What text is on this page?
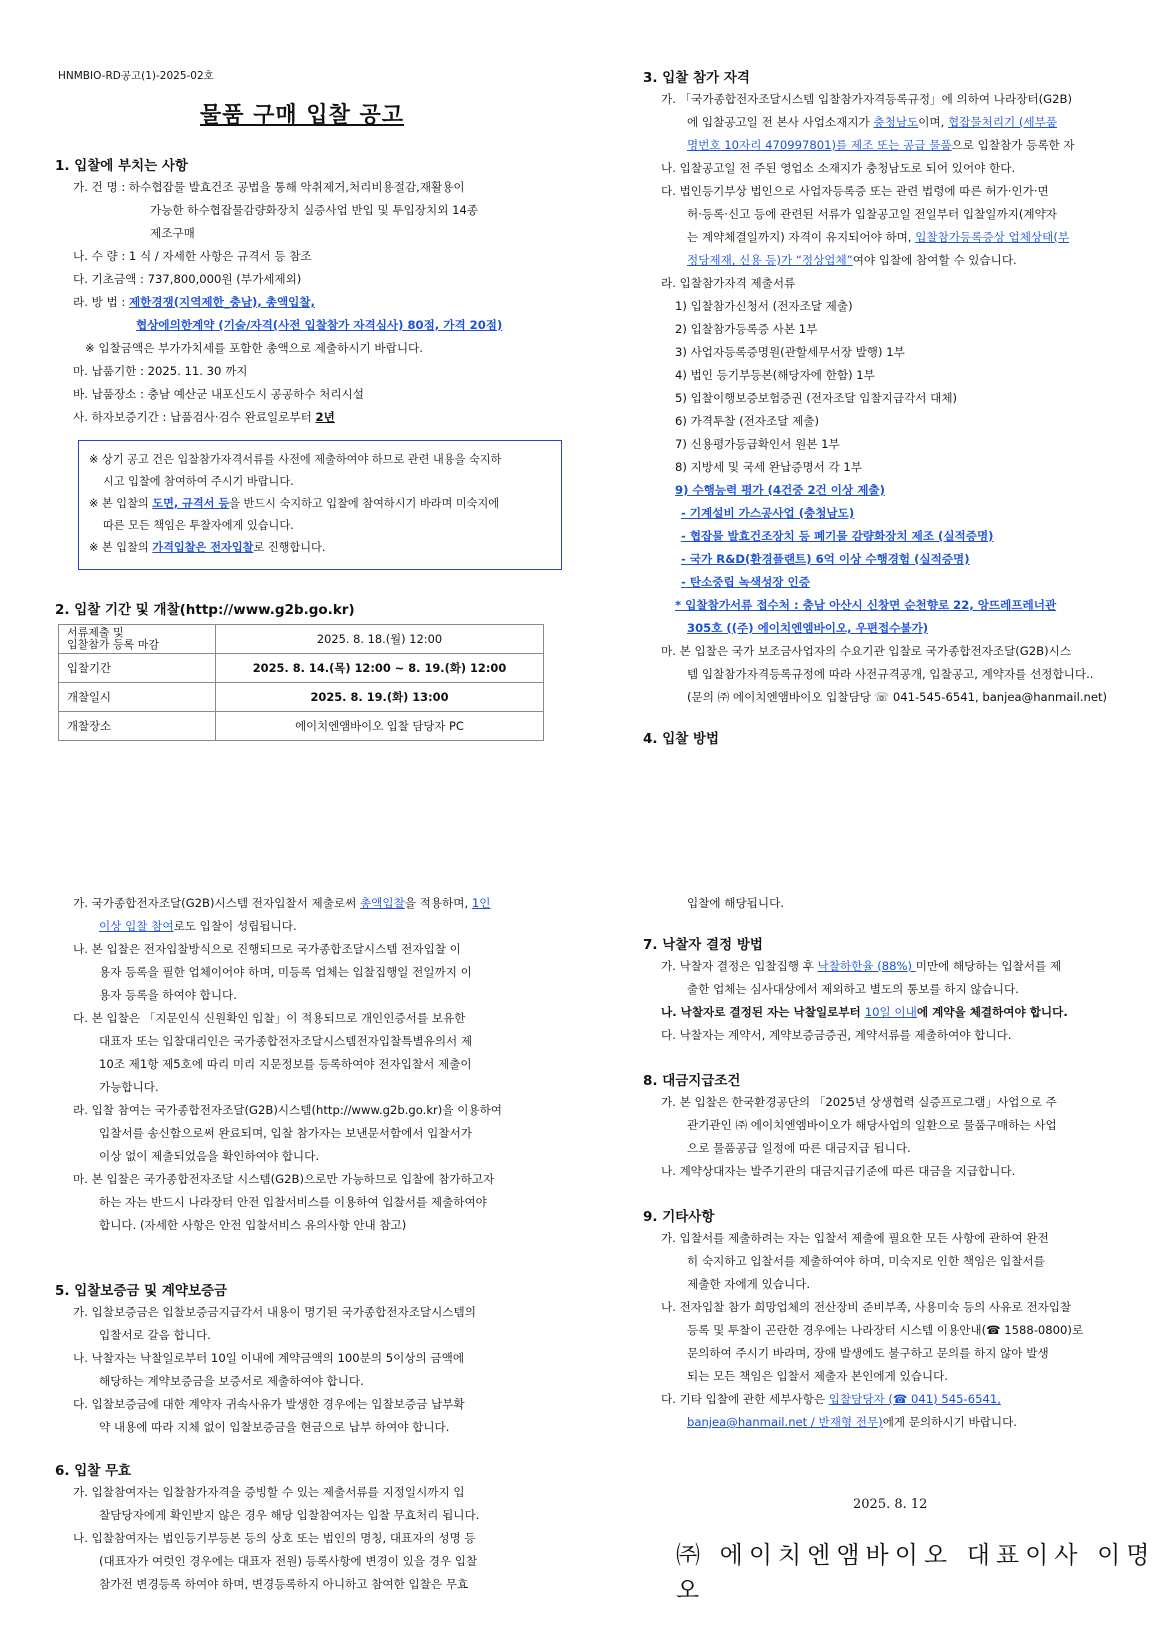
HNMBIO-RD공고(1)-2025-02호
물품 구매 입찰 공고

1. 입찰에 부치는 사항

가. 건 명 : 하수협잡물 발효건조 공법을 통해 악취제거,처리비용절감,재활용이
가능한 하수협잡물감량화장치 실증사업 반입 및 투입장치외 14종
제조구매
나. 수 량 : 1 식 / 자세한 사항은 규격서 등 참조
다. 기초금액 : 737,800,000원 (부가세제외)
라. 방 법 : 제한경쟁(지역제한_충남), 총액입찰,
협상에의한계약 (기술/자격(사전 입찰참가 자격심사) 80점, 가격 20점)
※ 입찰금액은 부가가치세를 포함한 총액으로 제출하시기 바랍니다.
마. 납품기한 : 2025. 11. 30 까지
바. 납품장소 : 충남 예산군 내포신도시 공공하수 처리시설
사. 하자보증기간 : 납품검사·검수 완료일로부터 2년
※ 상기 공고 건은 입찰참가자격서류를 사전에 제출하여야 하므로 관련 내용을 숙지하
시고 입찰에 참여하여 주시기 바랍니다.
※ 본 입찰의 도면, 규격서 등을 반드시 숙지하고 입찰에 참여하시기 바라며 미숙지에
따른 모든 책임은 투찰자에게 있습니다.
※ 본 입찰의 가격입찰은 전자입찰로 진행합니다.

2. 입찰 기간 및 개찰(http://www.g2b.go.kr)

서류제출 및
입찰참가 등록 마감	2025. 8. 18.(월) 12:00
입찰기간	2025. 8. 14.(목) 12:00 ~ 8. 19.(화) 12:00
개찰일시	2025. 8. 19.(화) 13:00
개찰장소	에이치엔앰바이오 입찰 담당자 PC

3. 입찰 참가 자격

가. 「국가종합전자조달시스템 입찰참가자격등록규정」에 의하여 나라장터(G2B)
에 입찰공고일 전 본사 사업소재지가 충청남도이며, 협잡물처리기 (세부품
명번호 10자리 470997801)를 제조 또는 공급 물품으로 입찰참가 등록한 자
나. 입찰공고일 전 주된 영업소 소재지가 충청남도로 되어 있어야 한다.
다. 법인등기부상 법인으로 사업자등록증 또는 관련 법령에 따른 허가·인가·면
허·등록·신고 등에 관련된 서류가 입찰공고일 전일부터 입찰일까지(계약자
는 계약체결일까지) 자격이 유지되어야 하며, 입찰참가등록증상 업체상태(부
정당제재, 신용 등)가 “정상업체”여야 입찰에 참여할 수 있습니다.
라. 입찰참가자격 제출서류
1) 입찰참가신청서 (전자조달 제출)
2) 입찰참가등록증 사본 1부
3) 사업자등록증명원(관할세무서장 발행) 1부
4) 법인 등기부등본(해당자에 한함) 1부
5) 입찰이행보증보험증권 (전자조달 입찰지급각서 대체)
6) 가격투찰 (전자조달 제출)
7) 신용평가등급확인서 원본 1부
8) 지방세 및 국세 완납증명서 각 1부
9) 수행능력 평가 (4건중 2건 이상 제출)
- 기계설비 가스공사업 (충청남도)
- 협잡물 발효건조장치 등 폐기물 감량화장치 제조 (실적증명)
- 국가 R&D(환경플랜트) 6억 이상 수행경험 (실적증명)
- 탄소중립 녹색성장 인증
* 입찰참가서류 접수처 : 충남 아산시 신창면 순천향로 22, 앙뜨레프레너관
305호 ((주) 에이치엔엠바이오, 우편접수불가)
마. 본 입찰은 국가 보조금사업자의 수요기관 입찰로 국가종합전자조달(G2B)시스
템 입찰참가자격등록규정에 따라 사전규격공개, 입찰공고, 계약자를 선정합니다..
(문의 ㈜ 에이치엔앰바이오 입찰담당 ☏ 041-545-6541, banjea@hanmail.net)

4. 입찰 방법

가. 국가종합전자조달(G2B)시스템 전자입찰서 제출로써 총액입찰을 적용하며, 1인
이상 입찰 참여로도 입찰이 성립됩니다.
나. 본 입찰은 전자입찰방식으로 진행되므로 국가종합조달시스템 전자입찰 이
용자 등록을 필한 업체이어야 하며, 미등록 업체는 입찰집행일 전일까지 이
용자 등록을 하여야 합니다.
다. 본 입찰은 「지문인식 신원확인 입찰」이 적용되므로 개인인증서를 보유한
대표자 또는 입찰대리인은 국가종합전자조달시스템전자입찰특별유의서 제
10조 제1항 제5호에 따리 미리 지문정보를 등록하여야 전자입찰서 제출이
가능합니다.
라. 입찰 참여는 국가종합전자조달(G2B)시스템(http://www.g2b.go.kr)을 이용하여
입찰서를 송신함으로써 완료되며, 입찰 참가자는 보낸문서함에서 입찰서가
이상 없이 제출되었음을 확인하여야 합니다.
마. 본 입찰은 국가종합전자조달 시스템(G2B)으로만 가능하므로 입찰에 참가하고자
하는 자는 반드시 나라장터 안전 입찰서비스를 이용하여 입찰서를 제출하여야
합니다. (자세한 사항은 안전 입찰서비스 유의사항 안내 참고)

5. 입찰보증금 및 계약보증금

가. 입찰보증금은 입찰보증금지급각서 내용이 명기된 국가종합전자조달시스템의
입찰서로 갈음 합니다.
나. 낙찰자는 낙찰일로부터 10일 이내에 계약금액의 100분의 5이상의 금액에
해당하는 계약보증금을 보증서로 제출하여야 합니다.
다. 입찰보증금에 대한 계약자 귀속사유가 발생한 경우에는 입찰보증금 납부확
약 내용에 따라 지체 없이 입찰보증금을 현금으로 납부 하여야 합니다.

6. 입찰 무효

가. 입찰참여자는 입찰참가자격을 증빙할 수 있는 제출서류를 지정일시까지 입
찰담당자에게 확인받지 않은 경우 해당 입찰참여자는 입찰 무효처리 됩니다.
나. 입찰참여자는 법인등기부등본 등의 상호 또는 법인의 명칭, 대표자의 성명 등
(대표자가 여럿인 경우에는 대표자 전원) 등록사항에 변경이 있을 경우 입찰
참가전 변경등록 하여야 하며, 변경등록하지 아니하고 참여한 입찰은 무효
입찰에 해당됩니다.

7. 낙찰자 결정 방법

가. 낙찰자 결정은 입찰집행 후 낙찰하한율 (88%) 미만에 해당하는 입찰서를 제
출한 업체는 심사대상에서 제외하고 별도의 통보를 하지 않습니다.
나. 낙찰자로 결정된 자는 낙찰일로부터 10일 이내에 계약을 체결하여야 합니다.
다. 낙찰자는 계약서, 계약보증금증권, 계약서류를 제출하여야 합니다.

8. 대금지급조건

가. 본 입찰은 한국환경공단의 「2025년 상생협력 실증프로그램」사업으로 주
관기관인 ㈜ 에이치엔엠바이오가 해당사업의 일환으로 물품구매하는 사업
으로 물품공급 일정에 따른 대금지급 됩니다.
나. 계약상대자는 발주기관의 대금지급기준에 따른 대금을 지급합니다.

9. 기타사항

가. 입찰서를 제출하려는 자는 입찰서 제출에 필요한 모든 사항에 관하여 완전
히 숙지하고 입찰서를 제출하여야 하며, 미숙지로 인한 책임은 입찰서를
제출한 자에게 있습니다.
나. 전자입찰 참가 희망업체의 전산장비 준비부족, 사용미숙 등의 사유로 전자입찰
등록 및 투찰이 곤란한 경우에는 나라장터 시스템 이용안내(☎ 1588-0800)로
문의하여 주시기 바라며, 장애 발생에도 불구하고 문의를 하지 않아 발생
되는 모든 책임은 입찰서 제출자 본인에게 있습니다.
다. 기타 입찰에 관한 세부사항은 입찰담당자 (☎ 041) 545-6541,
banjea@hanmail.net / 반재형 전무)에게 문의하시기 바랍니다.
2025. 8. 12
㈜ 에이치엔앰바이오 대표이사 이명오
